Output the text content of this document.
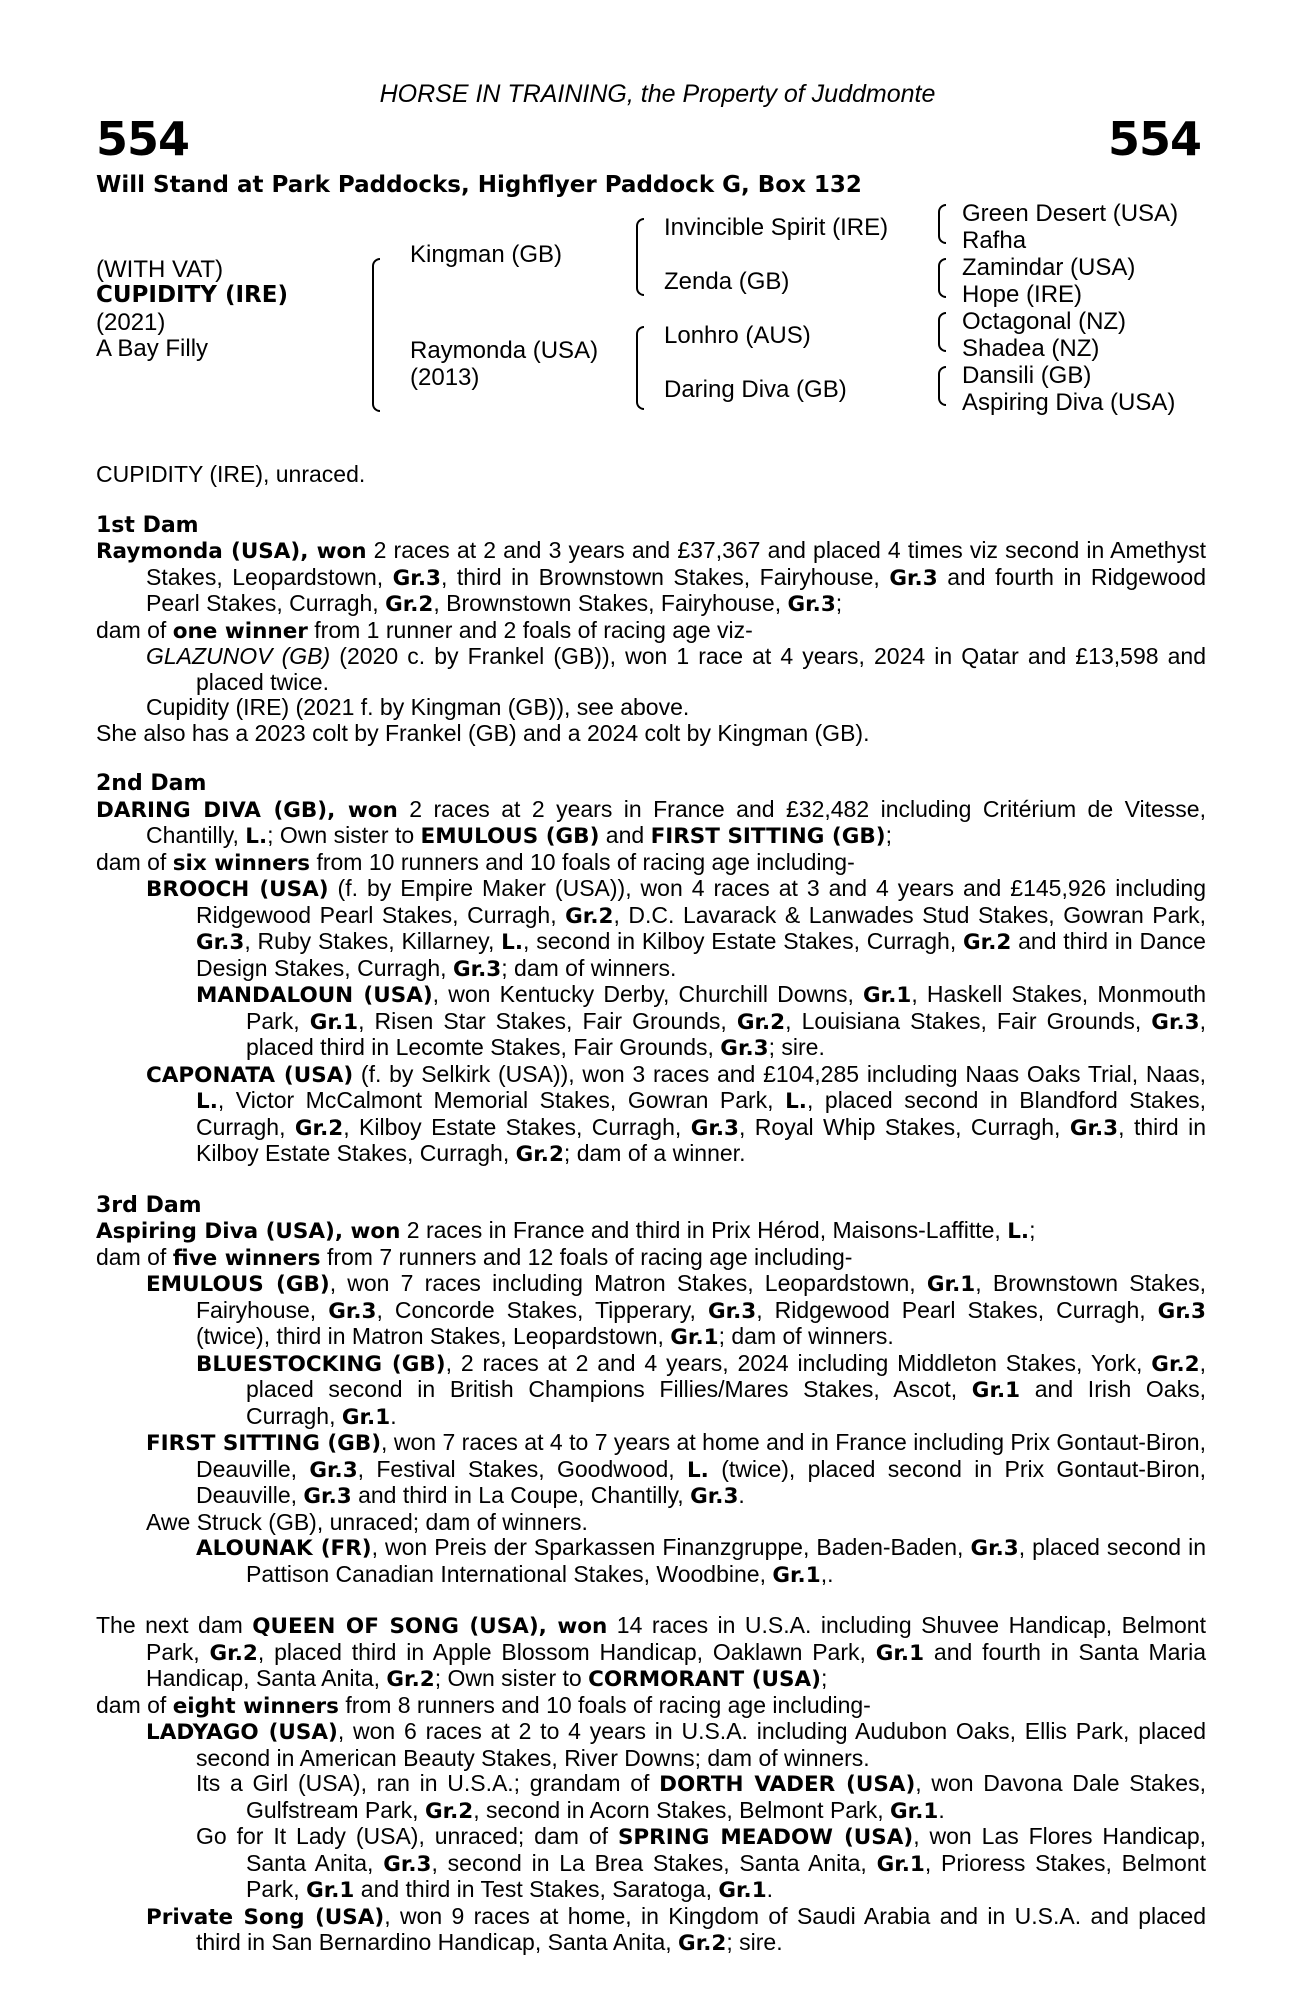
HORSE IN TRAINING, the Property of Juddmonte
554	554
Will Stand at Park Paddocks, Highflyer Paddock G, Box 132
(WITH VAT)
CUPIDITY (IRE)
(2021)
A Bay Filly
Kingman (GB)
Raymonda (USA)
(2013)
Invincible Spirit (IRE)
Zenda (GB)
Lonhro (AUS)
Daring Diva (GB)
Green Desert (USA)
Rafha
Zamindar (USA)
Hope (IRE)
Octagonal (NZ)
Shadea (NZ)
Dansili (GB)
Aspiring Diva (USA)

CUPIDITY (IRE), unraced.

1st Dam

Raymonda (USA), won 2 races at 2 and 3 years and £37,367 and placed 4 times viz second in Amethyst Stakes, Leopardstown, Gr.3, third in Brownstown Stakes, Fairyhouse, Gr.3 and fourth in Ridgewood Pearl Stakes, Curragh, Gr.2, Brownstown Stakes, Fairyhouse, Gr.3;

dam of one winner from 1 runner and 2 foals of racing age viz-

GLAZUNOV (GB) (2020 c. by Frankel (GB)), won 1 race at 4 years, 2024 in Qatar and £13,598 and placed twice.

Cupidity (IRE) (2021 f. by Kingman (GB)), see above.

She also has a 2023 colt by Frankel (GB) and a 2024 colt by Kingman (GB).

2nd Dam

DARING DIVA (GB), won 2 races at 2 years in France and £32,482 including Critérium de Vitesse, Chantilly, L.; Own sister to EMULOUS (GB) and FIRST SITTING (GB);

dam of six winners from 10 runners and 10 foals of racing age including-

BROOCH (USA) (f. by Empire Maker (USA)), won 4 races at 3 and 4 years and £145,926 including Ridgewood Pearl Stakes, Curragh, Gr.2, D.C. Lavarack & Lanwades Stud Stakes, Gowran Park, Gr.3, Ruby Stakes, Killarney, L., second in Kilboy Estate Stakes, Curragh, Gr.2 and third in Dance Design Stakes, Curragh, Gr.3; dam of winners.

MANDALOUN (USA), won Kentucky Derby, Churchill Downs, Gr.1, Haskell Stakes, Monmouth Park, Gr.1, Risen Star Stakes, Fair Grounds, Gr.2, Louisiana Stakes, Fair Grounds, Gr.3, placed third in Lecomte Stakes, Fair Grounds, Gr.3; sire.

CAPONATA (USA) (f. by Selkirk (USA)), won 3 races and £104,285 including Naas Oaks Trial, Naas, L., Victor McCalmont Memorial Stakes, Gowran Park, L., placed second in Blandford Stakes, Curragh, Gr.2, Kilboy Estate Stakes, Curragh, Gr.3, Royal Whip Stakes, Curragh, Gr.3, third in Kilboy Estate Stakes, Curragh, Gr.2; dam of a winner.

3rd Dam

Aspiring Diva (USA), won 2 races in France and third in Prix Hérod, Maisons-Laffitte, L.;

dam of five winners from 7 runners and 12 foals of racing age including-

EMULOUS (GB), won 7 races including Matron Stakes, Leopardstown, Gr.1, Brownstown Stakes, Fairyhouse, Gr.3, Concorde Stakes, Tipperary, Gr.3, Ridgewood Pearl Stakes, Curragh, Gr.3 (twice), third in Matron Stakes, Leopardstown, Gr.1; dam of winners.

BLUESTOCKING (GB), 2 races at 2 and 4 years, 2024 including Middleton Stakes, York, Gr.2, placed second in British Champions Fillies/Mares Stakes, Ascot, Gr.1 and Irish Oaks, Curragh, Gr.1.

FIRST SITTING (GB), won 7 races at 4 to 7 years at home and in France including Prix Gontaut-Biron, Deauville, Gr.3, Festival Stakes, Goodwood, L. (twice), placed second in Prix Gontaut-Biron, Deauville, Gr.3 and third in La Coupe, Chantilly, Gr.3.

Awe Struck (GB), unraced; dam of winners.

ALOUNAK (FR), won Preis der Sparkassen Finanzgruppe, Baden-Baden, Gr.3, placed second in Pattison Canadian International Stakes, Woodbine, Gr.1,.

The next dam QUEEN OF SONG (USA), won 14 races in U.S.A. including Shuvee Handicap, Belmont Park, Gr.2, placed third in Apple Blossom Handicap, Oaklawn Park, Gr.1 and fourth in Santa Maria Handicap, Santa Anita, Gr.2; Own sister to CORMORANT (USA);

dam of eight winners from 8 runners and 10 foals of racing age including-

LADYAGO (USA), won 6 races at 2 to 4 years in U.S.A. including Audubon Oaks, Ellis Park, placed second in American Beauty Stakes, River Downs; dam of winners.

Its a Girl (USA), ran in U.S.A.; grandam of DORTH VADER (USA), won Davona Dale Stakes, Gulfstream Park, Gr.2, second in Acorn Stakes, Belmont Park, Gr.1.

Go for It Lady (USA), unraced; dam of SPRING MEADOW (USA), won Las Flores Handicap, Santa Anita, Gr.3, second in La Brea Stakes, Santa Anita, Gr.1, Prioress Stakes, Belmont Park, Gr.1 and third in Test Stakes, Saratoga, Gr.1.

Private Song (USA), won 9 races at home, in Kingdom of Saudi Arabia and in U.S.A. and placed third in San Bernardino Handicap, Santa Anita, Gr.2; sire.
